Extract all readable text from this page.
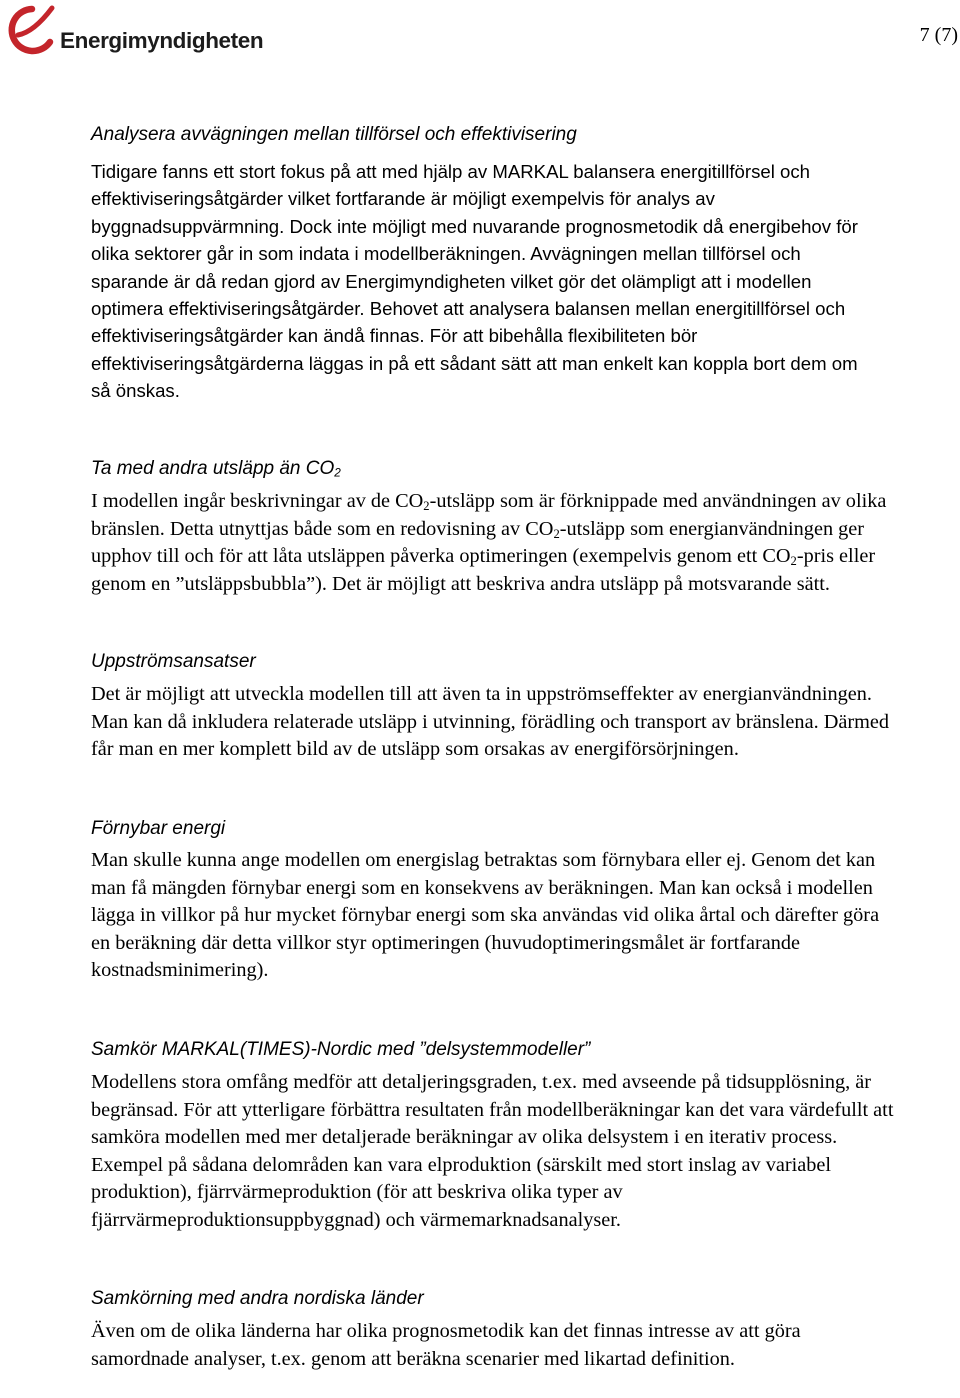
Energimyndigheten	7 (7)
Analysera avvägningen mellan tillförsel och effektivisering

Tidigare fanns ett stort fokus på att med hjälp av MARKAL balansera energitillförsel och effektiviseringsåtgärder vilket fortfarande är möjligt exempelvis för analys av byggnadsuppvärmning. Dock inte möjligt med nuvarande prognosmetodik då energibehov för olika sektorer går in som indata i modellberäkningen. Avvägningen mellan tillförsel och sparande är då redan gjord av Energimyndigheten vilket gör det olämpligt att i modellen optimera effektiviseringsåtgärder. Behovet att analysera balansen mellan energitillförsel och effektiviseringsåtgärder kan ändå finnas. För att bibehålla flexibiliteten bör effektiviseringsåtgärderna läggas in på ett sådant sätt att man enkelt kan koppla bort dem om så önskas.

Ta med andra utsläpp än $CO_2$

I modellen ingår beskrivningar av de $CO_2$-utsläpp som är förknippade med användningen av olika bränslen. Detta utnyttjas både som en redovisning av $CO_2$-utsläpp som energianvändningen ger upphov till och för att låta utsläppen påverka optimeringen (exempelvis genom ett $CO_2$-pris eller genom en ”utsläppsbubbla”). Det är möjligt att beskriva andra utsläpp på motsvarande sätt.

Uppströmsansatser

Det är möjligt att utveckla modellen till att även ta in uppströmseffekter av energianvändningen. Man kan då inkludera relaterade utsläpp i utvinning, förädling och transport av bränslena. Därmed får man en mer komplett bild av de utsläpp som orsakas av energiförsörjningen.

Förnybar energi

Man skulle kunna ange modellen om energislag betraktas som förnybara eller ej. Genom det kan man få mängden förnybar energi som en konsekvens av beräkningen. Man kan också i modellen lägga in villkor på hur mycket förnybar energi som ska användas vid olika årtal och därefter göra en beräkning där detta villkor styr optimeringen (huvudoptimeringsmålet är fortfarande kostnadsminimering).

Samkör MARKAL(TIMES)-Nordic med ”delsystemmodeller”

Modellens stora omfång medför att detaljeringsgraden, t.ex. med avseende på tidsupplösning, är begränsad. För att ytterligare förbättra resultaten från modellberäkningar kan det vara värdefullt att samköra modellen med mer detaljerade beräkningar av olika delsystem i en iterativ process. Exempel på sådana delområden kan vara elproduktion (särskilt med stort inslag av variabel produktion), fjärrvärmeproduktion (för att beskriva olika typer av fjärrvärmeproduktionsuppbyggnad) och värmemarknadsanalyser.

Samkörning med andra nordiska länder

Även om de olika länderna har olika prognosmetodik kan det finnas intresse av att göra samordnade analyser, t.ex. genom att beräkna scenarier med likartad definition.
